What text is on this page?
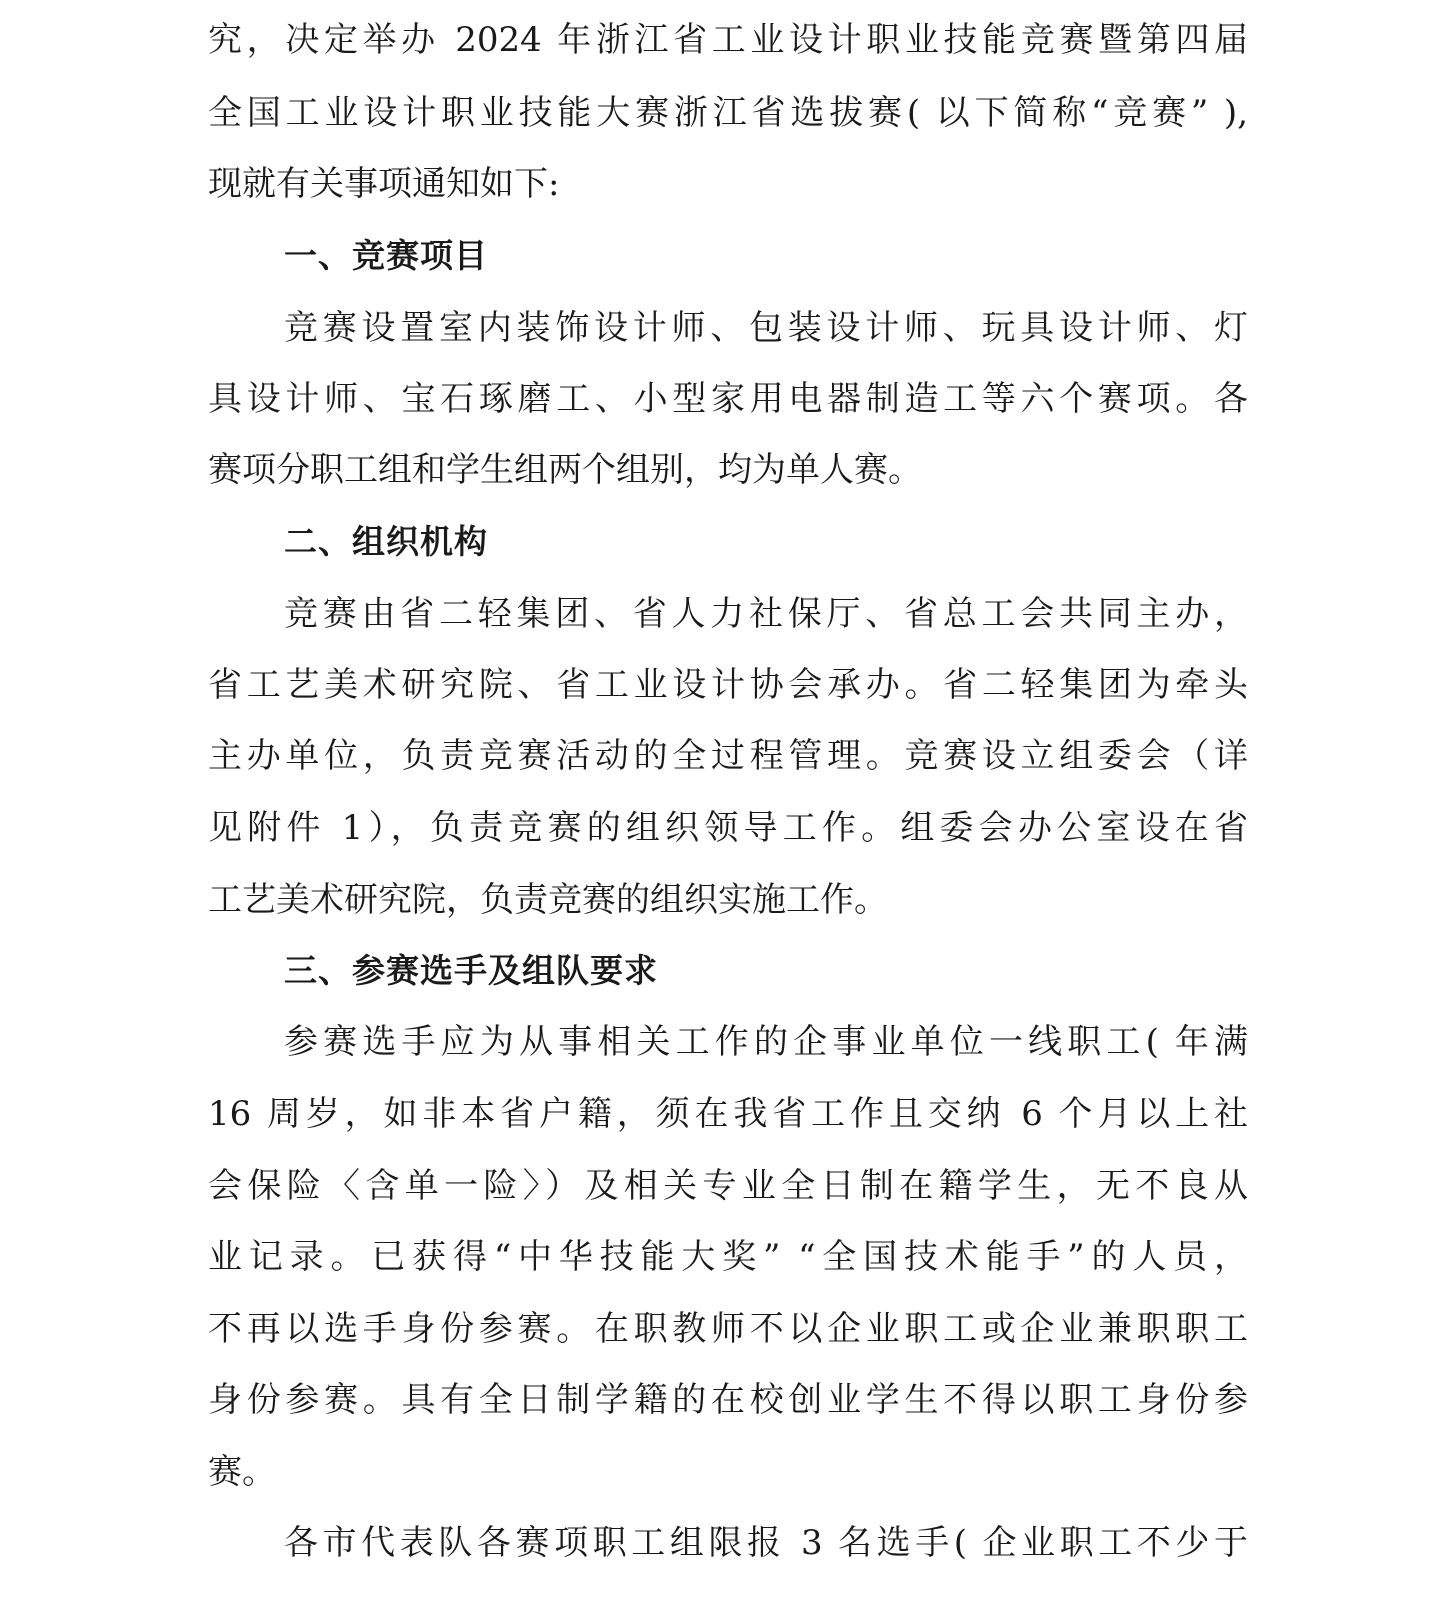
究，决定举办 2024 年浙江省工业设计职业技能竞赛暨第四届
全国工业设计职业技能大赛浙江省选拔赛( 以下简称“竞赛” ),
现就有关事项通知如下:
一、竞赛项目
竞赛设置室内装饰设计师、包装设计师、玩具设计师、灯
具设计师、宝石琢磨工、小型家用电器制造工等六个赛项。各
赛项分职工组和学生组两个组别，均为单人赛。
二、组织机构
竞赛由省二轻集团、省人力社保厅、省总工会共同主办，
省工艺美术研究院、省工业设计协会承办。省二轻集团为牵头
主办单位，负责竞赛活动的全过程管理。竞赛设立组委会（详
见附件 1），负责竞赛的组织领导工作。组委会办公室设在省
工艺美术研究院，负责竞赛的组织实施工作。
三、参赛选手及组队要求
参赛选手应为从事相关工作的企事业单位一线职工( 年满
16 周岁，如非本省户籍，须在我省工作且交纳 6 个月以上社
会保险〈含单一险〉）及相关专业全日制在籍学生，无不良从
业记录。已获得“中华技能大奖” “全国技术能手”的人员，
不再以选手身份参赛。在职教师不以企业职工或企业兼职职工
身份参赛。具有全日制学籍的在校创业学生不得以职工身份参
赛。
各市代表队各赛项职工组限报 3 名选手( 企业职工不少于
